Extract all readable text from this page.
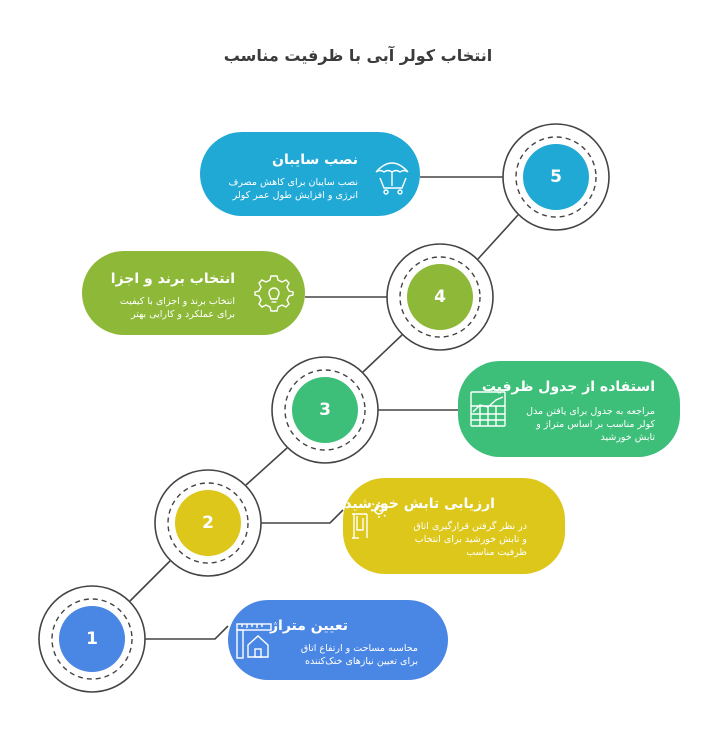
انتخاب کولر آبی با ظرفیت مناسب
1
2
3
4
5
تعیین متراژ
محاسبه مساحت و ارتفاع اتاق برای تعیین نیازهای خنک‌کننده
ارزیابی تابش خورشید
در نظر گرفتن قرارگیری اتاق و تابش خورشید برای انتخاب ظرفیت مناسب
استفاده از جدول ظرفیت
مراجعه به جدول برای یافتن مدل کولر مناسب بر اساس متراژ و تابش خورشید
انتخاب برند و اجزا
انتخاب برند و اجزای با کیفیت برای عملکرد و کارایی بهتر
نصب سایبان
نصب سایبان برای کاهش مصرف انرژی و افزایش طول عمر کولر
